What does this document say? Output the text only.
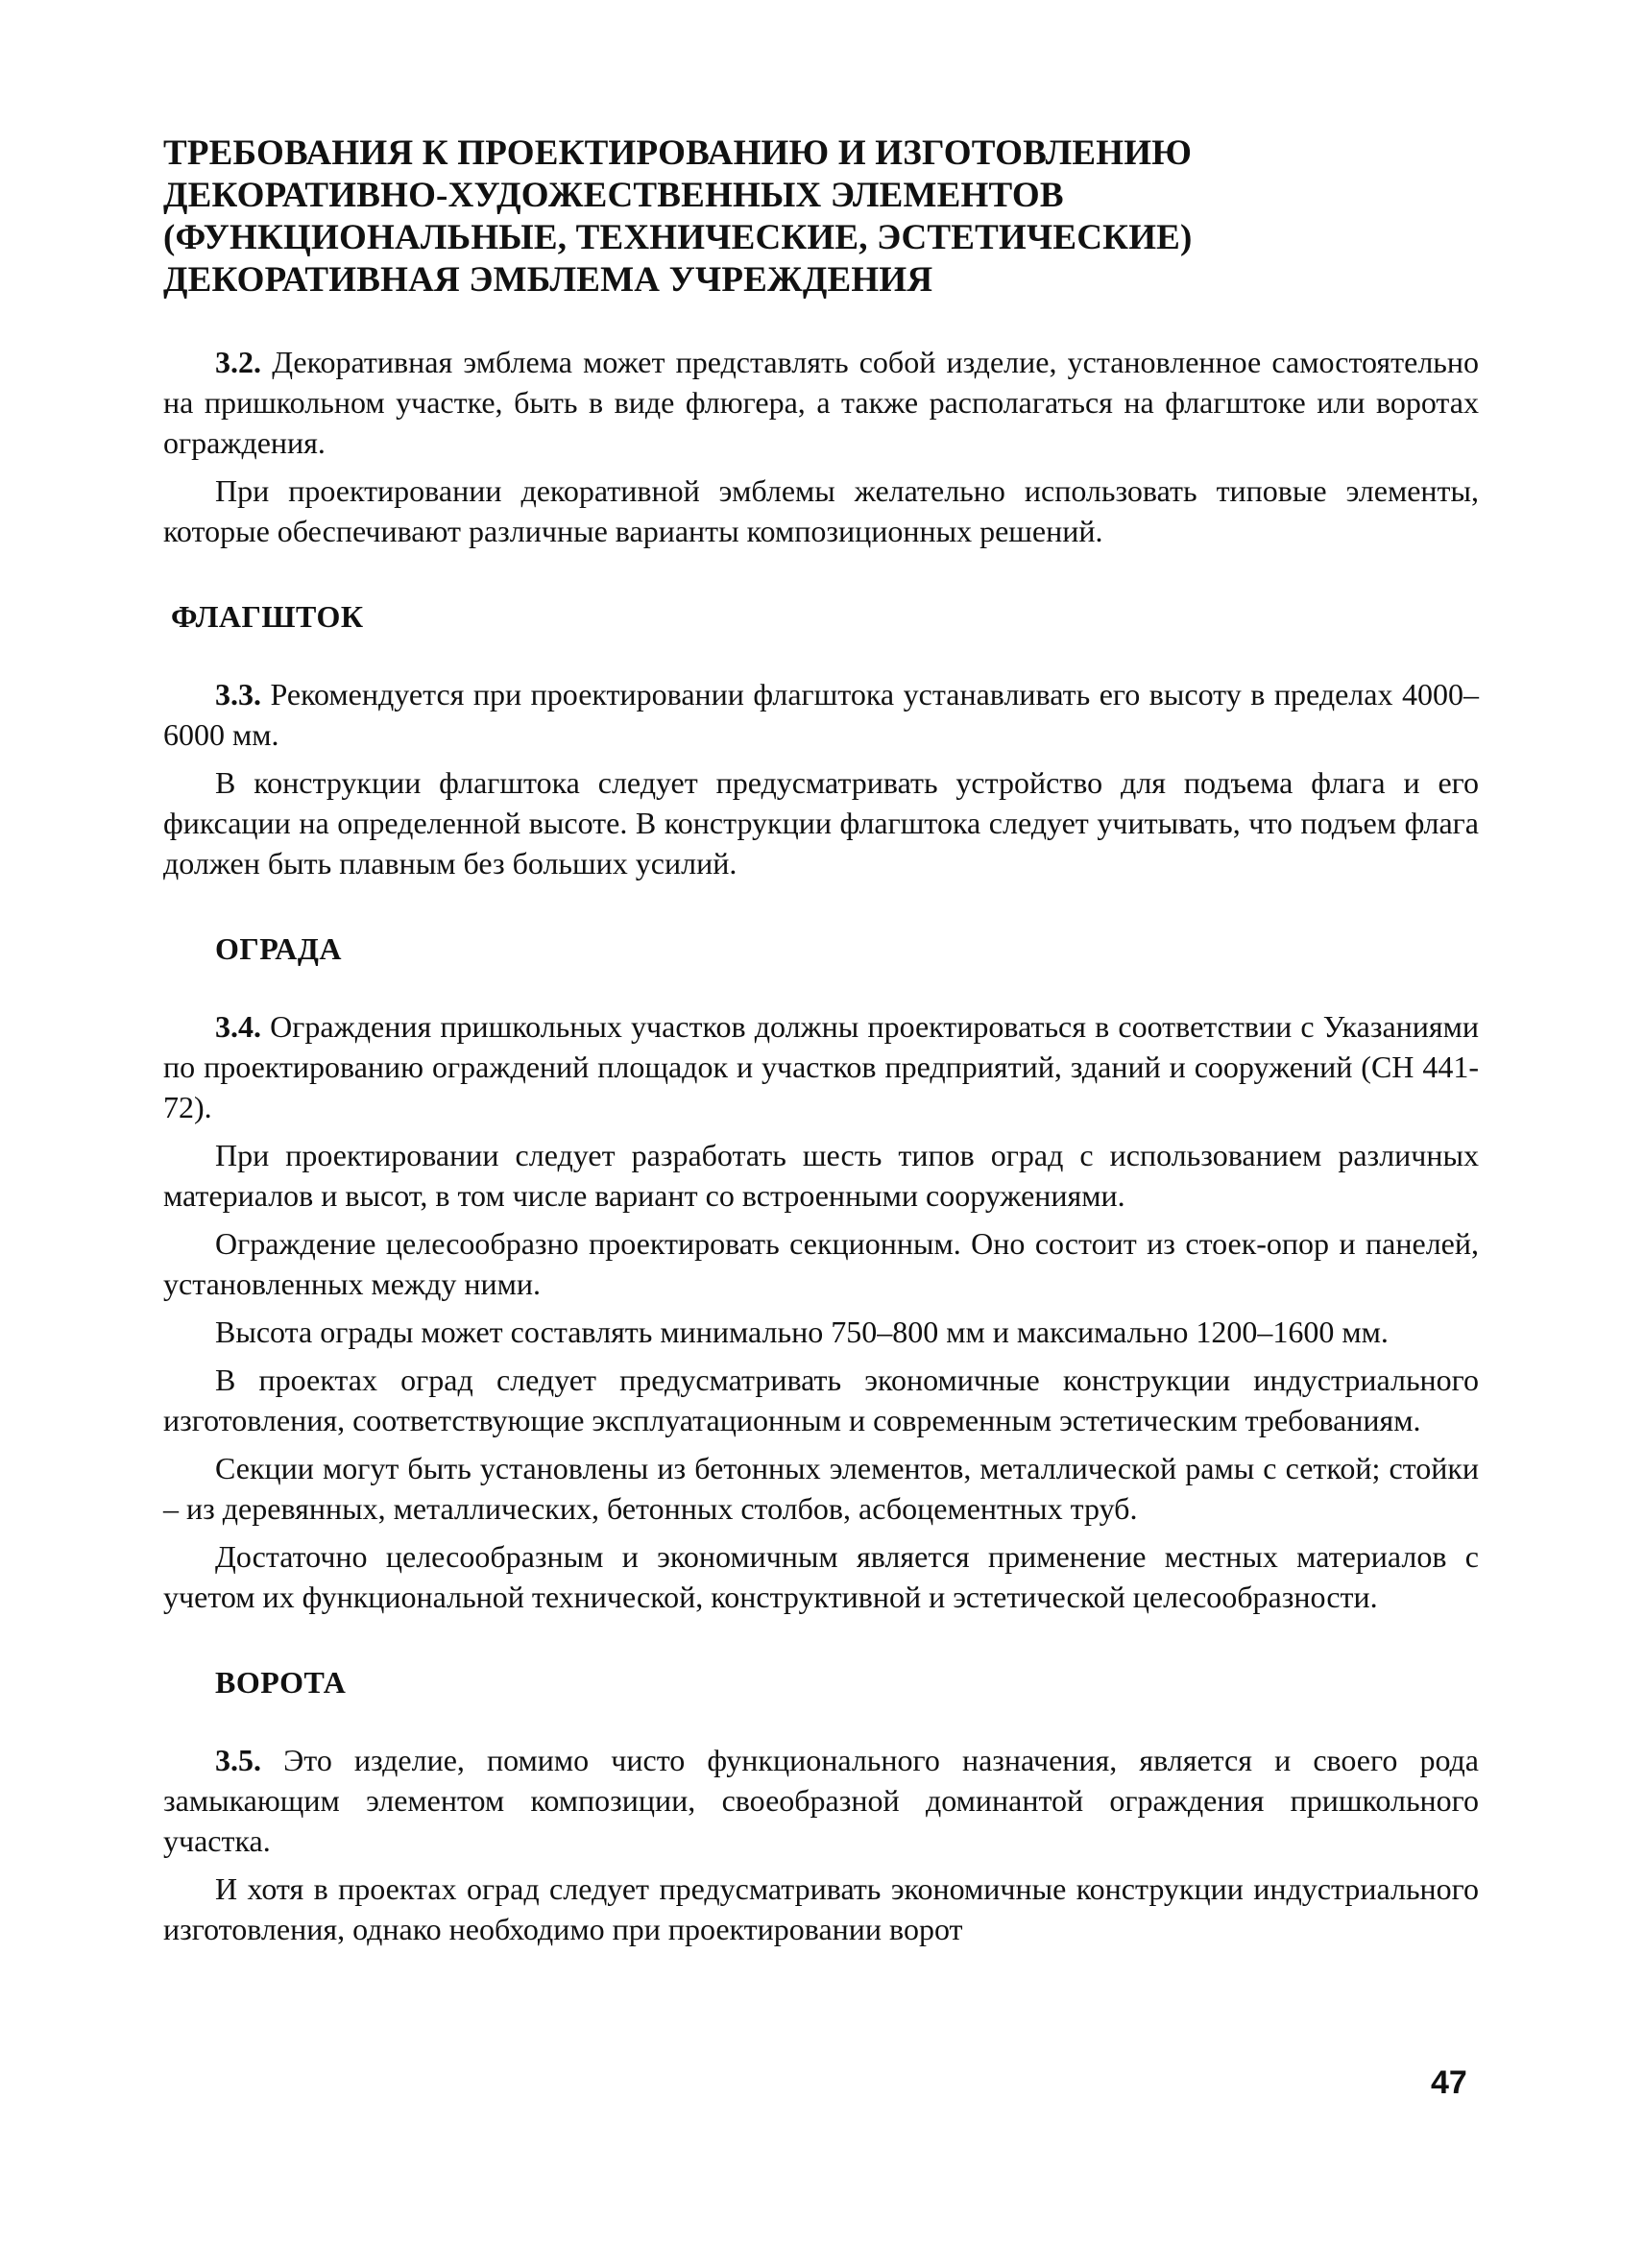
ТРЕБОВАНИЯ К ПРОЕКТИРОВАНИЮ И ИЗГОТОВЛЕНИЮ
ДЕКОРАТИВНО-ХУДОЖЕСТВЕННЫХ ЭЛЕМЕНТОВ
(ФУНКЦИОНАЛЬНЫЕ, ТЕХНИЧЕСКИЕ, ЭСТЕТИЧЕСКИЕ)
ДЕКОРАТИВНАЯ ЭМБЛЕМА УЧРЕЖДЕНИЯ

3.2. Декоративная эмблема может представлять собой изделие, установленное самостоятельно на пришкольном участке, быть в виде флюгера, а также располагаться на флагштоке или воротах ограждения.

При проектировании декоративной эмблемы желательно использовать типовые элементы, которые обеспечивают различные варианты композиционных решений.

ФЛАГШТОК

3.3. Рекомендуется при проектировании флагштока устанавливать его высоту в пределах 4000–6000 мм.

В конструкции флагштока следует предусматривать устройство для подъема флага и его фиксации на определенной высоте. В конструкции флагштока следует учитывать, что подъем флага должен быть плавным без больших усилий.

ОГРАДА

3.4. Ограждения пришкольных участков должны проектироваться в соответствии с Указаниями по проектированию ограждений площадок и участков предприятий, зданий и сооружений (СН 441-72).

При проектировании следует разработать шесть типов оград с использованием различных материалов и высот, в том числе вариант со встроенными сооружениями.

Ограждение целесообразно проектировать секционным. Оно состоит из стоек-опор и панелей, установленных между ними.

Высота ограды может составлять минимально 750–800 мм и максимально 1200–1600 мм.

В проектах оград следует предусматривать экономичные конструкции индустриального изготовления, соответствующие эксплуатационным и современным эстетическим требованиям.

Секции могут быть установлены из бетонных элементов, металлической рамы с сеткой; стойки – из деревянных, металлических, бетонных столбов, асбоцементных труб.

Достаточно целесообразным и экономичным является применение местных материалов с учетом их функциональной технической, конструктивной и эстетической целесообразности.

ВОРОТА

3.5. Это изделие, помимо чисто функционального назначения, является и своего рода замыкающим элементом композиции, своеобразной доминантой ограждения пришкольного участка.

И хотя в проектах оград следует предусматривать экономичные конструкции индустриального изготовления, однако необходимо при проектировании ворот

47
